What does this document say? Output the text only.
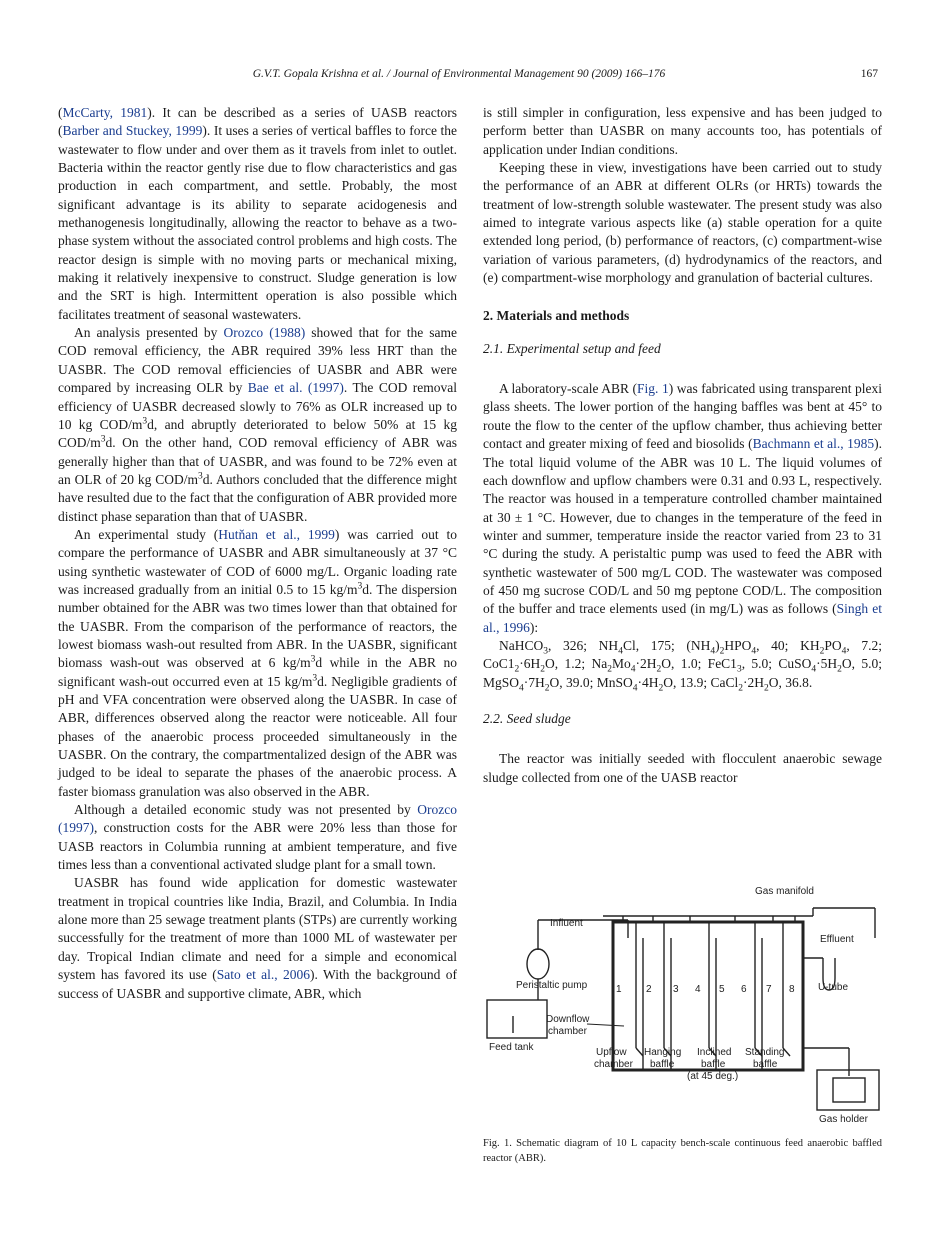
G.V.T. Gopala Krishna et al. / Journal of Environmental Management 90 (2009) 166–176	167

(McCarty, 1981). It can be described as a series of UASB reactors (Barber and Stuckey, 1999). It uses a series of vertical baffles to force the wastewater to flow under and over them as it travels from inlet to outlet. Bacteria within the reactor gently rise due to flow characteristics and gas production in each compartment, and settle. Probably, the most significant advantage is its ability to separate acidogenesis and methanogenesis longitudinally, allowing the reactor to behave as a two-phase system without the associated control problems and high costs. The reactor design is simple with no moving parts or mechanical mixing, making it relatively inexpensive to construct. Sludge generation is low and the SRT is high. Intermittent operation is also possible which facilitates treatment of seasonal wastewaters.

An analysis presented by Orozco (1988) showed that for the same COD removal efficiency, the ABR required 39% less HRT than the UASBR. The COD removal efficiencies of UASBR and ABR were compared by increasing OLR by Bae et al. (1997). The COD removal efficiency of UASBR decreased slowly to 76% as OLR increased up to 10 kg COD/$m^3d$, and abruptly deteriorated to below 50% at 15 kg COD/$m^3d$. On the other hand, COD removal efficiency of ABR was generally higher than that of UASBR, and was found to be 72% even at an OLR of 20 kg COD/$m^3d$. Authors concluded that the difference might have resulted due to the fact that the configuration of ABR provided more distinct phase separation than that of UASBR.

An experimental study (Hutňan et al., 1999) was carried out to compare the performance of UASBR and ABR simultaneously at 37 °C using synthetic wastewater of COD of 6000 mg/L. Organic loading rate was increased gradually from an initial 0.5 to 15 $kg/m^3d$. The dispersion number obtained for the ABR was two times lower than that obtained for the UASBR. From the comparison of the performance of reactors, the lowest biomass wash-out resulted from ABR. In the UASBR, significant biomass wash-out was observed at 6 $kg/m^3d$ while in the ABR no significant wash-out occurred even at 15 $kg/m^3d$. Negligible gradients of pH and VFA concentration were observed along the UASBR. In case of ABR, differences observed along the reactor were noticeable. All four phases of the anaerobic process proceeded simultaneously in the UASBR. On the contrary, the compartmentalized design of the ABR was judged to be ideal to separate the phases of the anaerobic process. A faster biomass granulation was also observed in the ABR.

Although a detailed economic study was not presented by Orozco (1997), construction costs for the ABR were 20% less than those for UASB reactors in Columbia running at ambient temperature, and five times less than a conventional activated sludge plant for a small town.

UASBR has found wide application for domestic wastewater treatment in tropical countries like India, Brazil, and Columbia. In India alone more than 25 sewage treatment plants (STPs) are currently working successfully for the treatment of more than 1000 ML of wastewater per day. Tropical Indian climate and need for a simple and economical system has favored its use (Sato et al., 2006). With the background of success of UASBR and supportive climate, ABR, which

is still simpler in configuration, less expensive and has been judged to perform better than UASBR on many accounts too, has potentials of application under Indian conditions.

Keeping these in view, investigations have been carried out to study the performance of an ABR at different OLRs (or HRTs) towards the treatment of low-strength soluble wastewater. The present study was also aimed to integrate various aspects like (a) stable operation for a quite extended long period, (b) performance of reactors, (c) compartment-wise variation of various parameters, (d) hydrodynamics of the reactors, and (e) compartment-wise morphology and granulation of bacterial cultures.

2. Materials and methods
2.1. Experimental setup and feed

A laboratory-scale ABR (Fig. 1) was fabricated using transparent plexi glass sheets. The lower portion of the hanging baffles was bent at 45° to route the flow to the center of the upflow chamber, thus achieving better contact and greater mixing of feed and biosolids (Bachmann et al., 1985). The total liquid volume of the ABR was 10 L. The liquid volumes of each downflow and upflow chambers were 0.31 and 0.93 L, respectively. The reactor was housed in a temperature controlled chamber maintained at 30 ± 1 °C. However, due to changes in the temperature of the feed in winter and summer, temperature inside the reactor varied from 23 to 31 °C during the study. A peristaltic pump was used to feed the ABR with synthetic wastewater of 500 mg/L COD. The wastewater was composed of 450 mg sucrose COD/L and 50 mg peptone COD/L. The composition of the buffer and trace elements used (in mg/L) was as follows (Singh et al., 1996):

NaHCO$_3$, 326; $NH_4Cl$, 175; $(NH_4)_2HPO_4$, 40; $KH_2PO_4$, 7.2; $CoC1_2\cdot 6H_2O$, 1.2; $Na_2Mo_4\cdot 2H_2O$, 1.0; $FeC1_3$, 5.0; $CuSO_4\cdot 5H_2O$, 5.0; $MgSO_4\cdot 7H_2O$, 39.0; $MnSO_4\cdot 4H_2O$, 13.9; $CaCl_2\cdot 2H_2O$, 36.8.

2.2. Seed sludge

The reactor was initially seeded with flocculent anaerobic sewage sludge collected from one of the UASB reactor

Gas manifold
Influent
Effluent
Peristaltic pump	U-tube
Downflow
chamber
Feed tank	Upflow
chamber
Hanging
baffle
Inclined
baffle
(at 45 deg.)
Standing
baffle
Gas holder
1 2 3 4 5 6 7 8
Fig. 1. Schematic diagram of 10 L capacity bench-scale continuous feed anaerobic baffled reactor (ABR).
